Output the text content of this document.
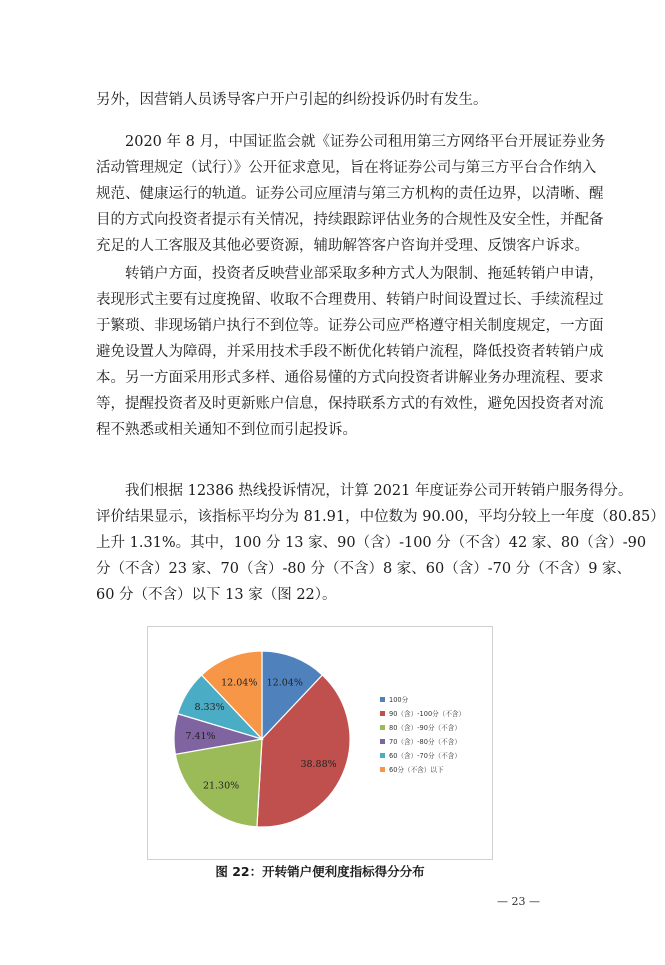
另外，因营销人员诱导客户开户引起的纠纷投诉仍时有发生。

　　2020 年 8 月，中国证监会就《证券公司租用第三方网络平台开展证券业务
活动管理规定（试行）》公开征求意见，旨在将证券公司与第三方平台合作纳入
规范、健康运行的轨道。证券公司应厘清与第三方机构的责任边界，以清晰、醒
目的方式向投资者提示有关情况，持续跟踪评估业务的合规性及安全性，并配备
充足的人工客服及其他必要资源，辅助解答客户咨询并受理、反馈客户诉求。

　　转销户方面，投资者反映营业部采取多种方式人为限制、拖延转销户申请，
表现形式主要有过度挽留、收取不合理费用、转销户时间设置过长、手续流程过
于繁琐、非现场销户执行不到位等。证券公司应严格遵守相关制度规定，一方面
避免设置人为障碍，并采用技术手段不断优化转销户流程，降低投资者转销户成
本。另一方面采用形式多样、通俗易懂的方式向投资者讲解业务办理流程、要求
等，提醒投资者及时更新账户信息，保持联系方式的有效性，避免因投资者对流
程不熟悉或相关通知不到位而引起投诉。

　　我们根据 12386 热线投诉情况，计算 2021 年度证券公司开转销户服务得分。
评价结果显示，该指标平均分为 81.91，中位数为 90.00，平均分较上一年度（80.85）
上升 1.31%。其中，100 分 13 家、90（含）-100 分（不含）42 家、80（含）-90
分（不含）23 家、70（含）-80 分（不含）8 家、60（含）-70 分（不含）9 家、
60 分（不含）以下 13 家（图 22）。

12.04%
38.88%
21.30%
7.41%
8.33%
12.04%
100分
90（含）-100分（不含）
80（含）-90分（不含）
70（含）-80分（不含）
60（含）-70分（不含）
60分（不含）以下
图 22：开转销户便利度指标得分分布
— 23 —
